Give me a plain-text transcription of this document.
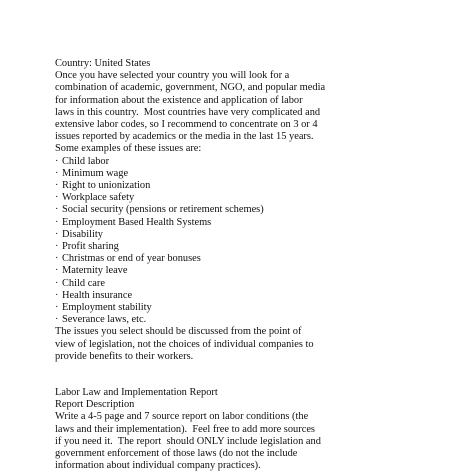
Country: United States

Once you have selected your country you will look for a

combination of academic, government, NGO, and popular media

for information about the existence and application of labor

laws in this country.  Most countries have very complicated and

extensive labor codes, so I recommend to concentrate on 3 or 4

issues reported by academics or the media in the last 15 years.

Some examples of these issues are:

· Child labor

· Minimum wage

· Right to unionization

· Workplace safety

· Social security (pensions or retirement schemes)

· Employment Based Health Systems

· Disability

· Profit sharing

· Christmas or end of year bonuses

· Maternity leave

· Child care

· Health insurance

· Employment stability

· Severance laws, etc.

The issues you select should be discussed from the point of

view of legislation, not the choices of individual companies to

provide benefits to their workers.

Labor Law and Implementation Report

Report Description

Write a 4-5 page and 7 source report on labor conditions (the

laws and their implementation).  Feel free to add more sources

if you need it.  The report  should ONLY include legislation and

government enforcement of those laws (do not the include

information about individual company practices).
